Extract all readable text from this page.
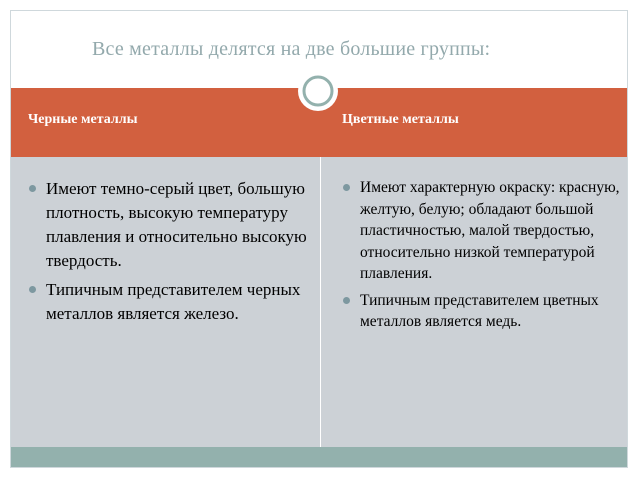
Все металлы делятся на две большие группы:
Черные металлы	Цветные металлы
Имеют темно-серый цвет, большую плотность, высокую температуру плавления и относительно высокую твердость.
Типичным представителем черных металлов является железо.
Имеют характерную окраску: красную, желтую, белую; обладают большой пластичностью, малой твердостью, относительно низкой температурой плавления.
Типичным представителем цветных металлов является медь.
